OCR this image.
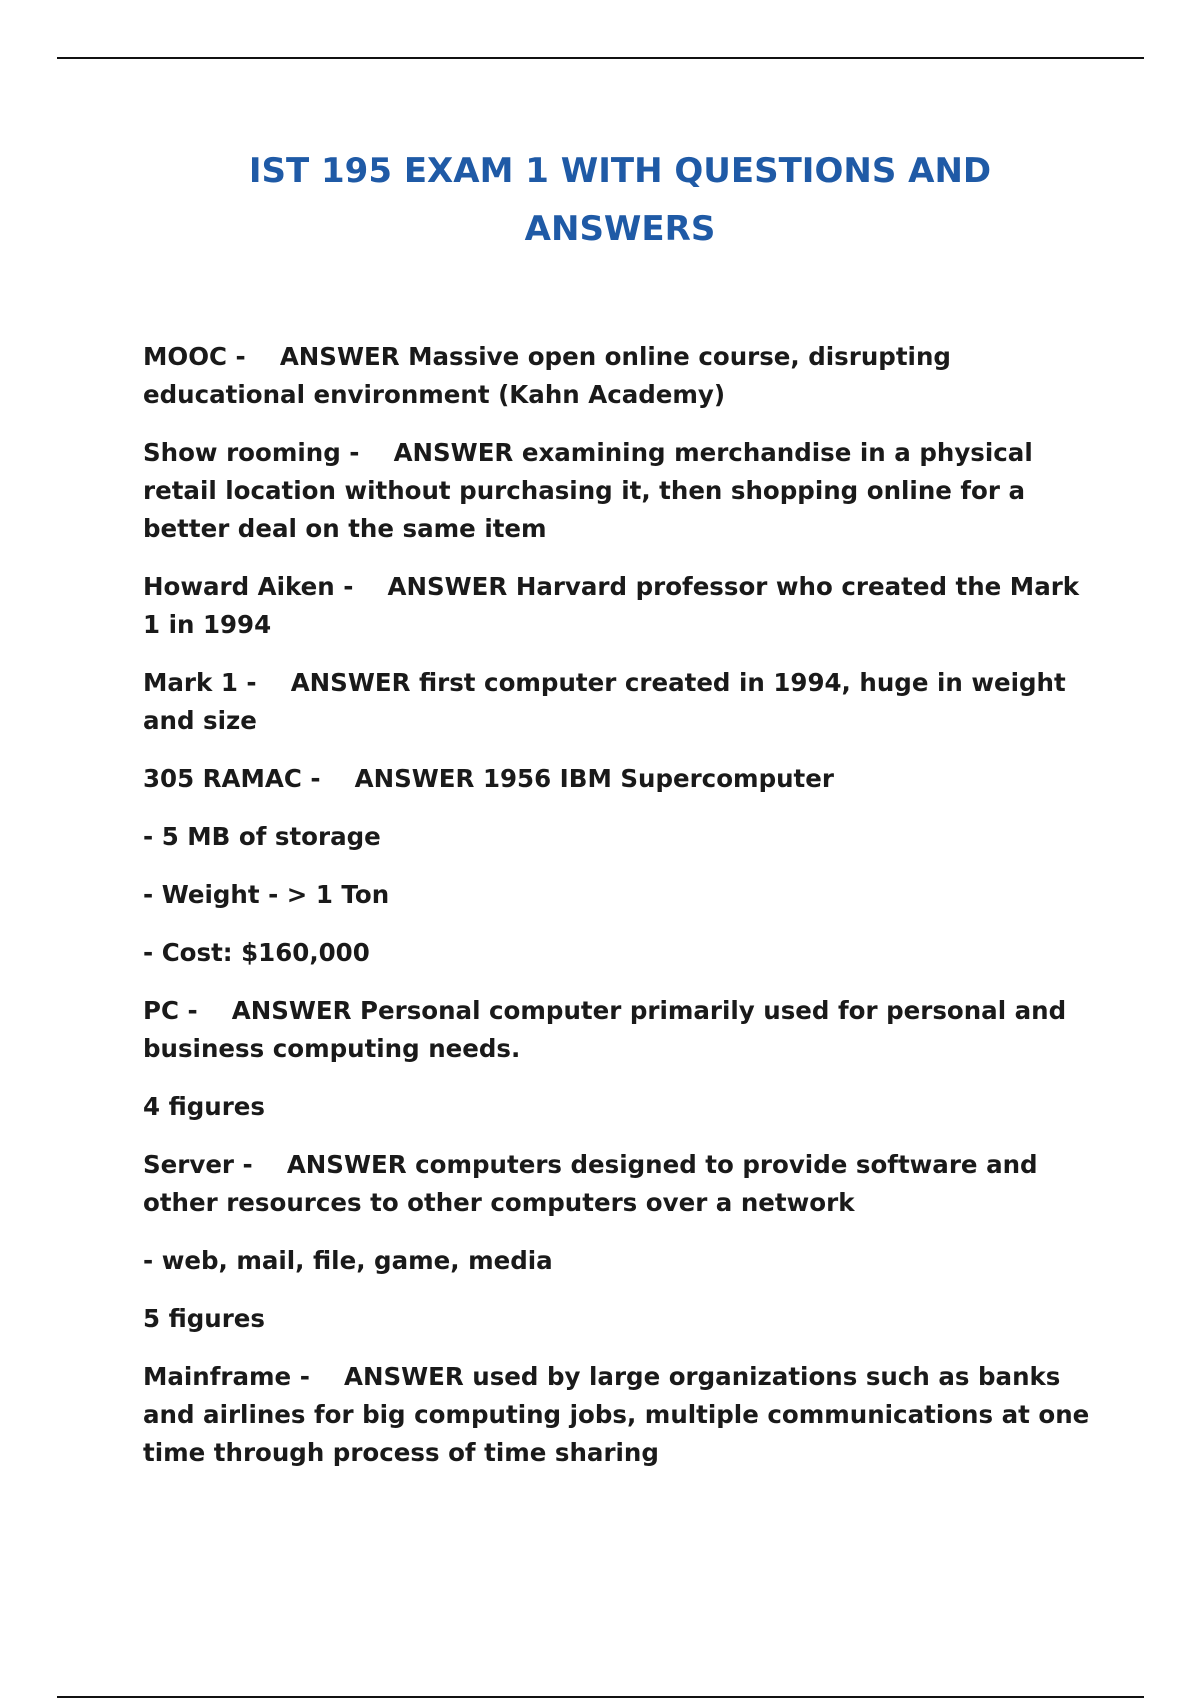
IST 195 EXAM 1 WITH QUESTIONS AND ANSWERS

MOOC - ANSWER Massive open online course, disrupting educational environment (Kahn Academy)

Show rooming - ANSWER examining merchandise in a physical retail location without purchasing it, then shopping online for a better deal on the same item

Howard Aiken - ANSWER Harvard professor who created the Mark 1 in 1994

Mark 1 - ANSWER first computer created in 1994, huge in weight and size

305 RAMAC - ANSWER 1956 IBM Supercomputer

- 5 MB of storage

- Weight - > 1 Ton

- Cost: $160,000

PC - ANSWER Personal computer primarily used for personal and business computing needs.

4 figures

Server - ANSWER computers designed to provide software and other resources to other computers over a network

- web, mail, file, game, media

5 figures

Mainframe - ANSWER used by large organizations such as banks and airlines for big computing jobs, multiple communications at one time through process of time sharing
